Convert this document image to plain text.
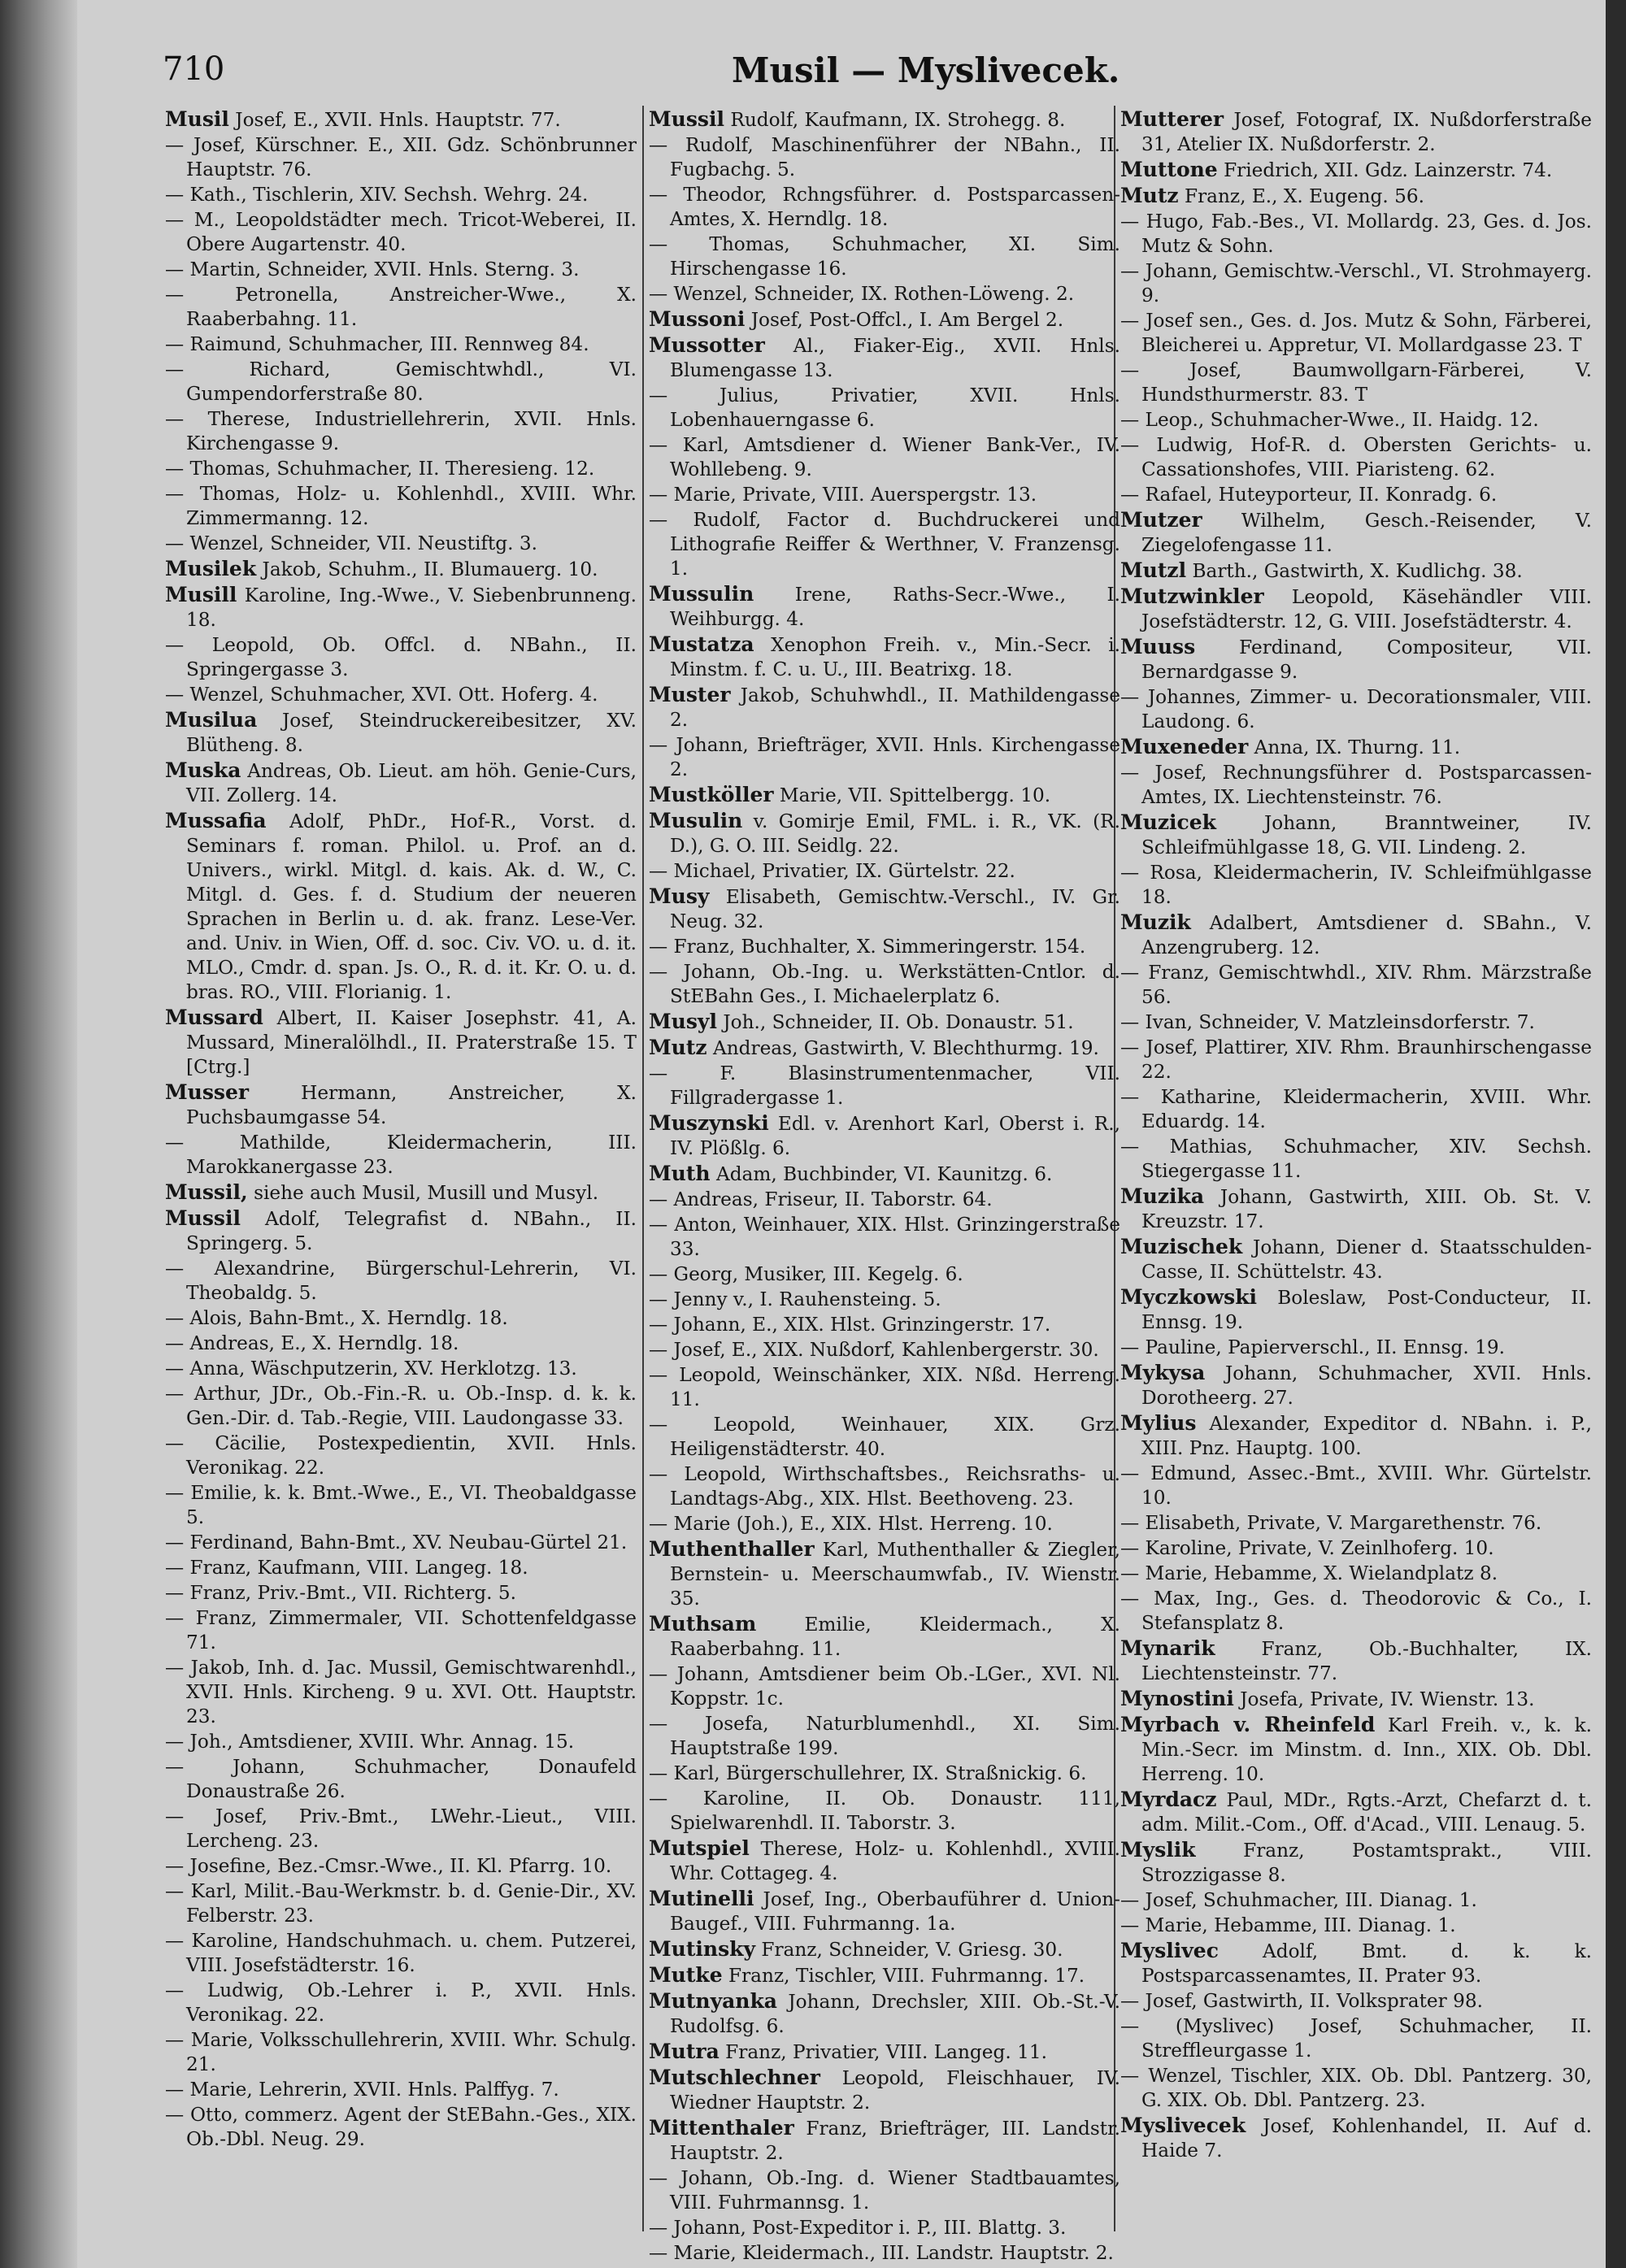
710	Musil — Myslivecek.
Musil Josef, E., XVII. Hnls. Hauptstr. 77.
— Josef, Kürschner. E., XII. Gdz. Schönbrunner Hauptstr. 76.
— Kath., Tischlerin, XIV. Sechsh. Wehrg. 24.
— M., Leopoldstädter mech. Tricot-Weberei, II. Obere Augartenstr. 40.
— Martin, Schneider, XVII. Hnls. Sterng. 3.
— Petronella, Anstreicher-Wwe., X. Raaberbahng. 11.
— Raimund, Schuhmacher, III. Rennweg 84.
— Richard, Gemischtwhdl., VI. Gumpendorferstraße 80.
— Therese, Industriellehrerin, XVII. Hnls. Kirchengasse 9.
— Thomas, Schuhmacher, II. Theresieng. 12.
— Thomas, Holz- u. Kohlenhdl., XVIII. Whr. Zimmermanng. 12.
— Wenzel, Schneider, VII. Neustiftg. 3.
Musilek Jakob, Schuhm., II. Blumauerg. 10.
Musill Karoline, Ing.-Wwe., V. Siebenbrunneng. 18.
— Leopold, Ob. Offcl. d. NBahn., II. Springergasse 3.
— Wenzel, Schuhmacher, XVI. Ott. Hoferg. 4.
Musilua Josef, Steindruckereibesitzer, XV. Blütheng. 8.
Muska Andreas, Ob. Lieut. am höh. Genie-Curs, VII. Zollerg. 14.
Mussafia Adolf, PhDr., Hof-R., Vorst. d. Seminars f. roman. Philol. u. Prof. an d. Univers., wirkl. Mitgl. d. kais. Ak. d. W., C. Mitgl. d. Ges. f. d. Studium der neueren Sprachen in Berlin u. d. ak. franz. Lese-Ver. and. Univ. in Wien, Off. d. soc. Civ. VO. u. d. it. MLO., Cmdr. d. span. Js. O., R. d. it. Kr. O. u. d. bras. RO., VIII. Florianig. 1.
Mussard Albert, II. Kaiser Josephstr. 41, A. Mussard, Mineralölhdl., II. Praterstraße 15. T [Ctrg.]
Musser Hermann, Anstreicher, X. Puchsbaumgasse 54.
— Mathilde, Kleidermacherin, III. Marokkanergasse 23.
Mussil, siehe auch Musil, Musill und Musyl.
Mussil Adolf, Telegrafist d. NBahn., II. Springerg. 5.
— Alexandrine, Bürgerschul-Lehrerin, VI. Theobaldg. 5.
— Alois, Bahn-Bmt., X. Herndlg. 18.
— Andreas, E., X. Herndlg. 18.
— Anna, Wäschputzerin, XV. Herklotzg. 13.
— Arthur, JDr., Ob.-Fin.-R. u. Ob.-Insp. d. k. k. Gen.-Dir. d. Tab.-Regie, VIII. Laudongasse 33.
— Cäcilie, Postexpedientin, XVII. Hnls. Veronikag. 22.
— Emilie, k. k. Bmt.-Wwe., E., VI. Theobaldgasse 5.
— Ferdinand, Bahn-Bmt., XV. Neubau-Gürtel 21.
— Franz, Kaufmann, VIII. Langeg. 18.
— Franz, Priv.-Bmt., VII. Richterg. 5.
— Franz, Zimmermaler, VII. Schottenfeldgasse 71.
— Jakob, Inh. d. Jac. Mussil, Gemischtwarenhdl., XVII. Hnls. Kircheng. 9 u. XVI. Ott. Hauptstr. 23.
— Joh., Amtsdiener, XVIII. Whr. Annag. 15.
— Johann, Schuhmacher, Donaufeld Donaustraße 26.
— Josef, Priv.-Bmt., LWehr.-Lieut., VIII. Lercheng. 23.
— Josefine, Bez.-Cmsr.-Wwe., II. Kl. Pfarrg. 10.
— Karl, Milit.-Bau-Werkmstr. b. d. Genie-Dir., XV. Felberstr. 23.
— Karoline, Handschuhmach. u. chem. Putzerei, VIII. Josefstädterstr. 16.
— Ludwig, Ob.-Lehrer i. P., XVII. Hnls. Veronikag. 22.
— Marie, Volksschullehrerin, XVIII. Whr. Schulg. 21.
— Marie, Lehrerin, XVII. Hnls. Palffyg. 7.
— Otto, commerz. Agent der StEBahn.-Ges., XIX. Ob.-Dbl. Neug. 29.
Mussil Rudolf, Kaufmann, IX. Strohegg. 8.
— Rudolf, Maschinenführer der NBahn., II. Fugbachg. 5.
— Theodor, Rchngsführer. d. Postsparcassen-Amtes, X. Herndlg. 18.
— Thomas, Schuhmacher, XI. Sim. Hirschengasse 16.
— Wenzel, Schneider, IX. Rothen-Löweng. 2.
Mussoni Josef, Post-Offcl., I. Am Bergel 2.
Mussotter Al., Fiaker-Eig., XVII. Hnls. Blumengasse 13.
— Julius, Privatier, XVII. Hnls. Lobenhauerngasse 6.
— Karl, Amtsdiener d. Wiener Bank-Ver., IV. Wohllebeng. 9.
— Marie, Private, VIII. Auerspergstr. 13.
— Rudolf, Factor d. Buchdruckerei und Lithografie Reiffer & Werthner, V. Franzensg. 1.
Mussulin Irene, Raths-Secr.-Wwe., I. Weihburgg. 4.
Mustatza Xenophon Freih. v., Min.-Secr. i. Minstm. f. C. u. U., III. Beatrixg. 18.
Muster Jakob, Schuhwhdl., II. Mathildengasse 2.
— Johann, Briefträger, XVII. Hnls. Kirchengasse 2.
Mustköller Marie, VII. Spittelbergg. 10.
Musulin v. Gomirje Emil, FML. i. R., VK. (R. D.), G. O. III. Seidlg. 22.
— Michael, Privatier, IX. Gürtelstr. 22.
Musy Elisabeth, Gemischtw.-Verschl., IV. Gr. Neug. 32.
— Franz, Buchhalter, X. Simmeringerstr. 154.
— Johann, Ob.-Ing. u. Werkstätten-Cntlor. d. StEBahn Ges., I. Michaelerplatz 6.
Musyl Joh., Schneider, II. Ob. Donaustr. 51.
Mutz Andreas, Gastwirth, V. Blechthurmg. 19.
— F. Blasinstrumentenmacher, VII. Fillgradergasse 1.
Muszynski Edl. v. Arenhort Karl, Oberst i. R., IV. Plößlg. 6.
Muth Adam, Buchbinder, VI. Kaunitzg. 6.
— Andreas, Friseur, II. Taborstr. 64.
— Anton, Weinhauer, XIX. Hlst. Grinzingerstraße 33.
— Georg, Musiker, III. Kegelg. 6.
— Jenny v., I. Rauhensteing. 5.
— Johann, E., XIX. Hlst. Grinzingerstr. 17.
— Josef, E., XIX. Nußdorf, Kahlenbergerstr. 30.
— Leopold, Weinschänker, XIX. Nßd. Herreng. 11.
— Leopold, Weinhauer, XIX. Grz. Heiligenstädterstr. 40.
— Leopold, Wirthschaftsbes., Reichsraths- u. Landtags-Abg., XIX. Hlst. Beethoveng. 23.
— Marie (Joh.), E., XIX. Hlst. Herreng. 10.
Muthenthaller Karl, Muthenthaller & Ziegler, Bernstein- u. Meerschaumwfab., IV. Wienstr. 35.
Muthsam Emilie, Kleidermach., X. Raaberbahng. 11.
— Johann, Amtsdiener beim Ob.-LGer., XVI. Nl. Koppstr. 1c.
— Josefa, Naturblumenhdl., XI. Sim. Hauptstraße 199.
— Karl, Bürgerschullehrer, IX. Straßnickig. 6.
— Karoline, II. Ob. Donaustr. 111, Spielwarenhdl. II. Taborstr. 3.
Mutspiel Therese, Holz- u. Kohlenhdl., XVIII. Whr. Cottageg. 4.
Mutinelli Josef, Ing., Oberbauführer d. Union-Baugef., VIII. Fuhrmanng. 1a.
Mutinsky Franz, Schneider, V. Griesg. 30.
Mutke Franz, Tischler, VIII. Fuhrmanng. 17.
Mutnyanka Johann, Drechsler, XIII. Ob.-St.-V. Rudolfsg. 6.
Mutra Franz, Privatier, VIII. Langeg. 11.
Mutschlechner Leopold, Fleischhauer, IV. Wiedner Hauptstr. 2.
Mittenthaler Franz, Briefträger, III. Landstr. Hauptstr. 2.
— Johann, Ob.-Ing. d. Wiener Stadtbauamtes, VIII. Fuhrmannsg. 1.
— Johann, Post-Expeditor i. P., III. Blattg. 3.
— Marie, Kleidermach., III. Landstr. Hauptstr. 2.
Mutterer Josef, Fotograf, IX. Nußdorferstraße 31, Atelier IX. Nußdorferstr. 2.
Muttone Friedrich, XII. Gdz. Lainzerstr. 74.
Mutz Franz, E., X. Eugeng. 56.
— Hugo, Fab.-Bes., VI. Mollardg. 23, Ges. d. Jos. Mutz & Sohn.
— Johann, Gemischtw.-Verschl., VI. Strohmayerg. 9.
— Josef sen., Ges. d. Jos. Mutz & Sohn, Färberei, Bleicherei u. Appretur, VI. Mollardgasse 23. T
— Josef, Baumwollgarn-Färberei, V. Hundsthurmerstr. 83. T
— Leop., Schuhmacher-Wwe., II. Haidg. 12.
— Ludwig, Hof-R. d. Obersten Gerichts- u. Cassationshofes, VIII. Piaristeng. 62.
— Rafael, Huteyporteur, II. Konradg. 6.
Mutzer Wilhelm, Gesch.-Reisender, V. Ziegelofengasse 11.
Mutzl Barth., Gastwirth, X. Kudlichg. 38.
Mutzwinkler Leopold, Käsehändler VIII. Josefstädterstr. 12, G. VIII. Josefstädterstr. 4.
Muuss Ferdinand, Compositeur, VII. Bernardgasse 9.
— Johannes, Zimmer- u. Decorationsmaler, VIII. Laudong. 6.
Muxeneder Anna, IX. Thurng. 11.
— Josef, Rechnungsführer d. Postsparcassen-Amtes, IX. Liechtensteinstr. 76.
Muzicek Johann, Branntweiner, IV. Schleifmühlgasse 18, G. VII. Lindeng. 2.
— Rosa, Kleidermacherin, IV. Schleifmühlgasse 18.
Muzik Adalbert, Amtsdiener d. SBahn., V. Anzengruberg. 12.
— Franz, Gemischtwhdl., XIV. Rhm. Märzstraße 56.
— Ivan, Schneider, V. Matzleinsdorferstr. 7.
— Josef, Plattirer, XIV. Rhm. Braunhirschengasse 22.
— Katharine, Kleidermacherin, XVIII. Whr. Eduardg. 14.
— Mathias, Schuhmacher, XIV. Sechsh. Stiegergasse 11.
Muzika Johann, Gastwirth, XIII. Ob. St. V. Kreuzstr. 17.
Muzischek Johann, Diener d. Staatsschulden-Casse, II. Schüttelstr. 43.
Myczkowski Boleslaw, Post-Conducteur, II. Ennsg. 19.
— Pauline, Papierverschl., II. Ennsg. 19.
Mykysa Johann, Schuhmacher, XVII. Hnls. Dorotheerg. 27.
Mylius Alexander, Expeditor d. NBahn. i. P., XIII. Pnz. Hauptg. 100.
— Edmund, Assec.-Bmt., XVIII. Whr. Gürtelstr. 10.
— Elisabeth, Private, V. Margarethenstr. 76.
— Karoline, Private, V. Zeinlhoferg. 10.
— Marie, Hebamme, X. Wielandplatz 8.
— Max, Ing., Ges. d. Theodorovic & Co., I. Stefansplatz 8.
Mynarik Franz, Ob.-Buchhalter, IX. Liechtensteinstr. 77.
Mynostini Josefa, Private, IV. Wienstr. 13.
Myrbach v. Rheinfeld Karl Freih. v., k. k. Min.-Secr. im Minstm. d. Inn., XIX. Ob. Dbl. Herreng. 10.
Myrdacz Paul, MDr., Rgts.-Arzt, Chefarzt d. t. adm. Milit.-Com., Off. d'Acad., VIII. Lenaug. 5.
Myslik Franz, Postamtsprakt., VIII. Strozzigasse 8.
— Josef, Schuhmacher, III. Dianag. 1.
— Marie, Hebamme, III. Dianag. 1.
Myslivec Adolf, Bmt. d. k. k. Postsparcassenamtes, II. Prater 93.
— Josef, Gastwirth, II. Volksprater 98.
— (Myslivec) Josef, Schuhmacher, II. Streffleurgasse 1.
— Wenzel, Tischler, XIX. Ob. Dbl. Pantzerg. 30, G. XIX. Ob. Dbl. Pantzerg. 23.
Myslivecek Josef, Kohlenhandel, II. Auf d. Haide 7.
